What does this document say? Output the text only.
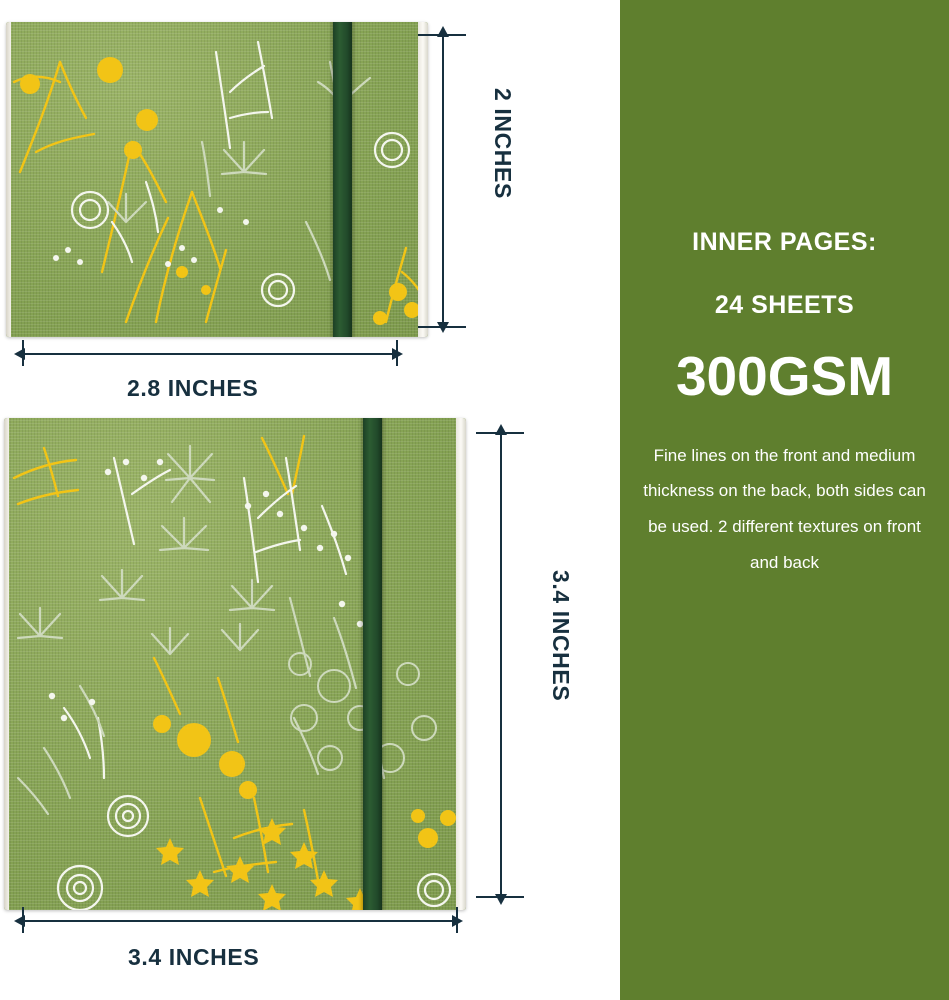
2 INCHES
2.8 INCHES
3.4 INCHES
3.4 INCHES
INNER PAGES:
24 SHEETS
300GSM
Fine lines on the front and medium thickness on the back, both sides can be used. 2 different textures on front and back
